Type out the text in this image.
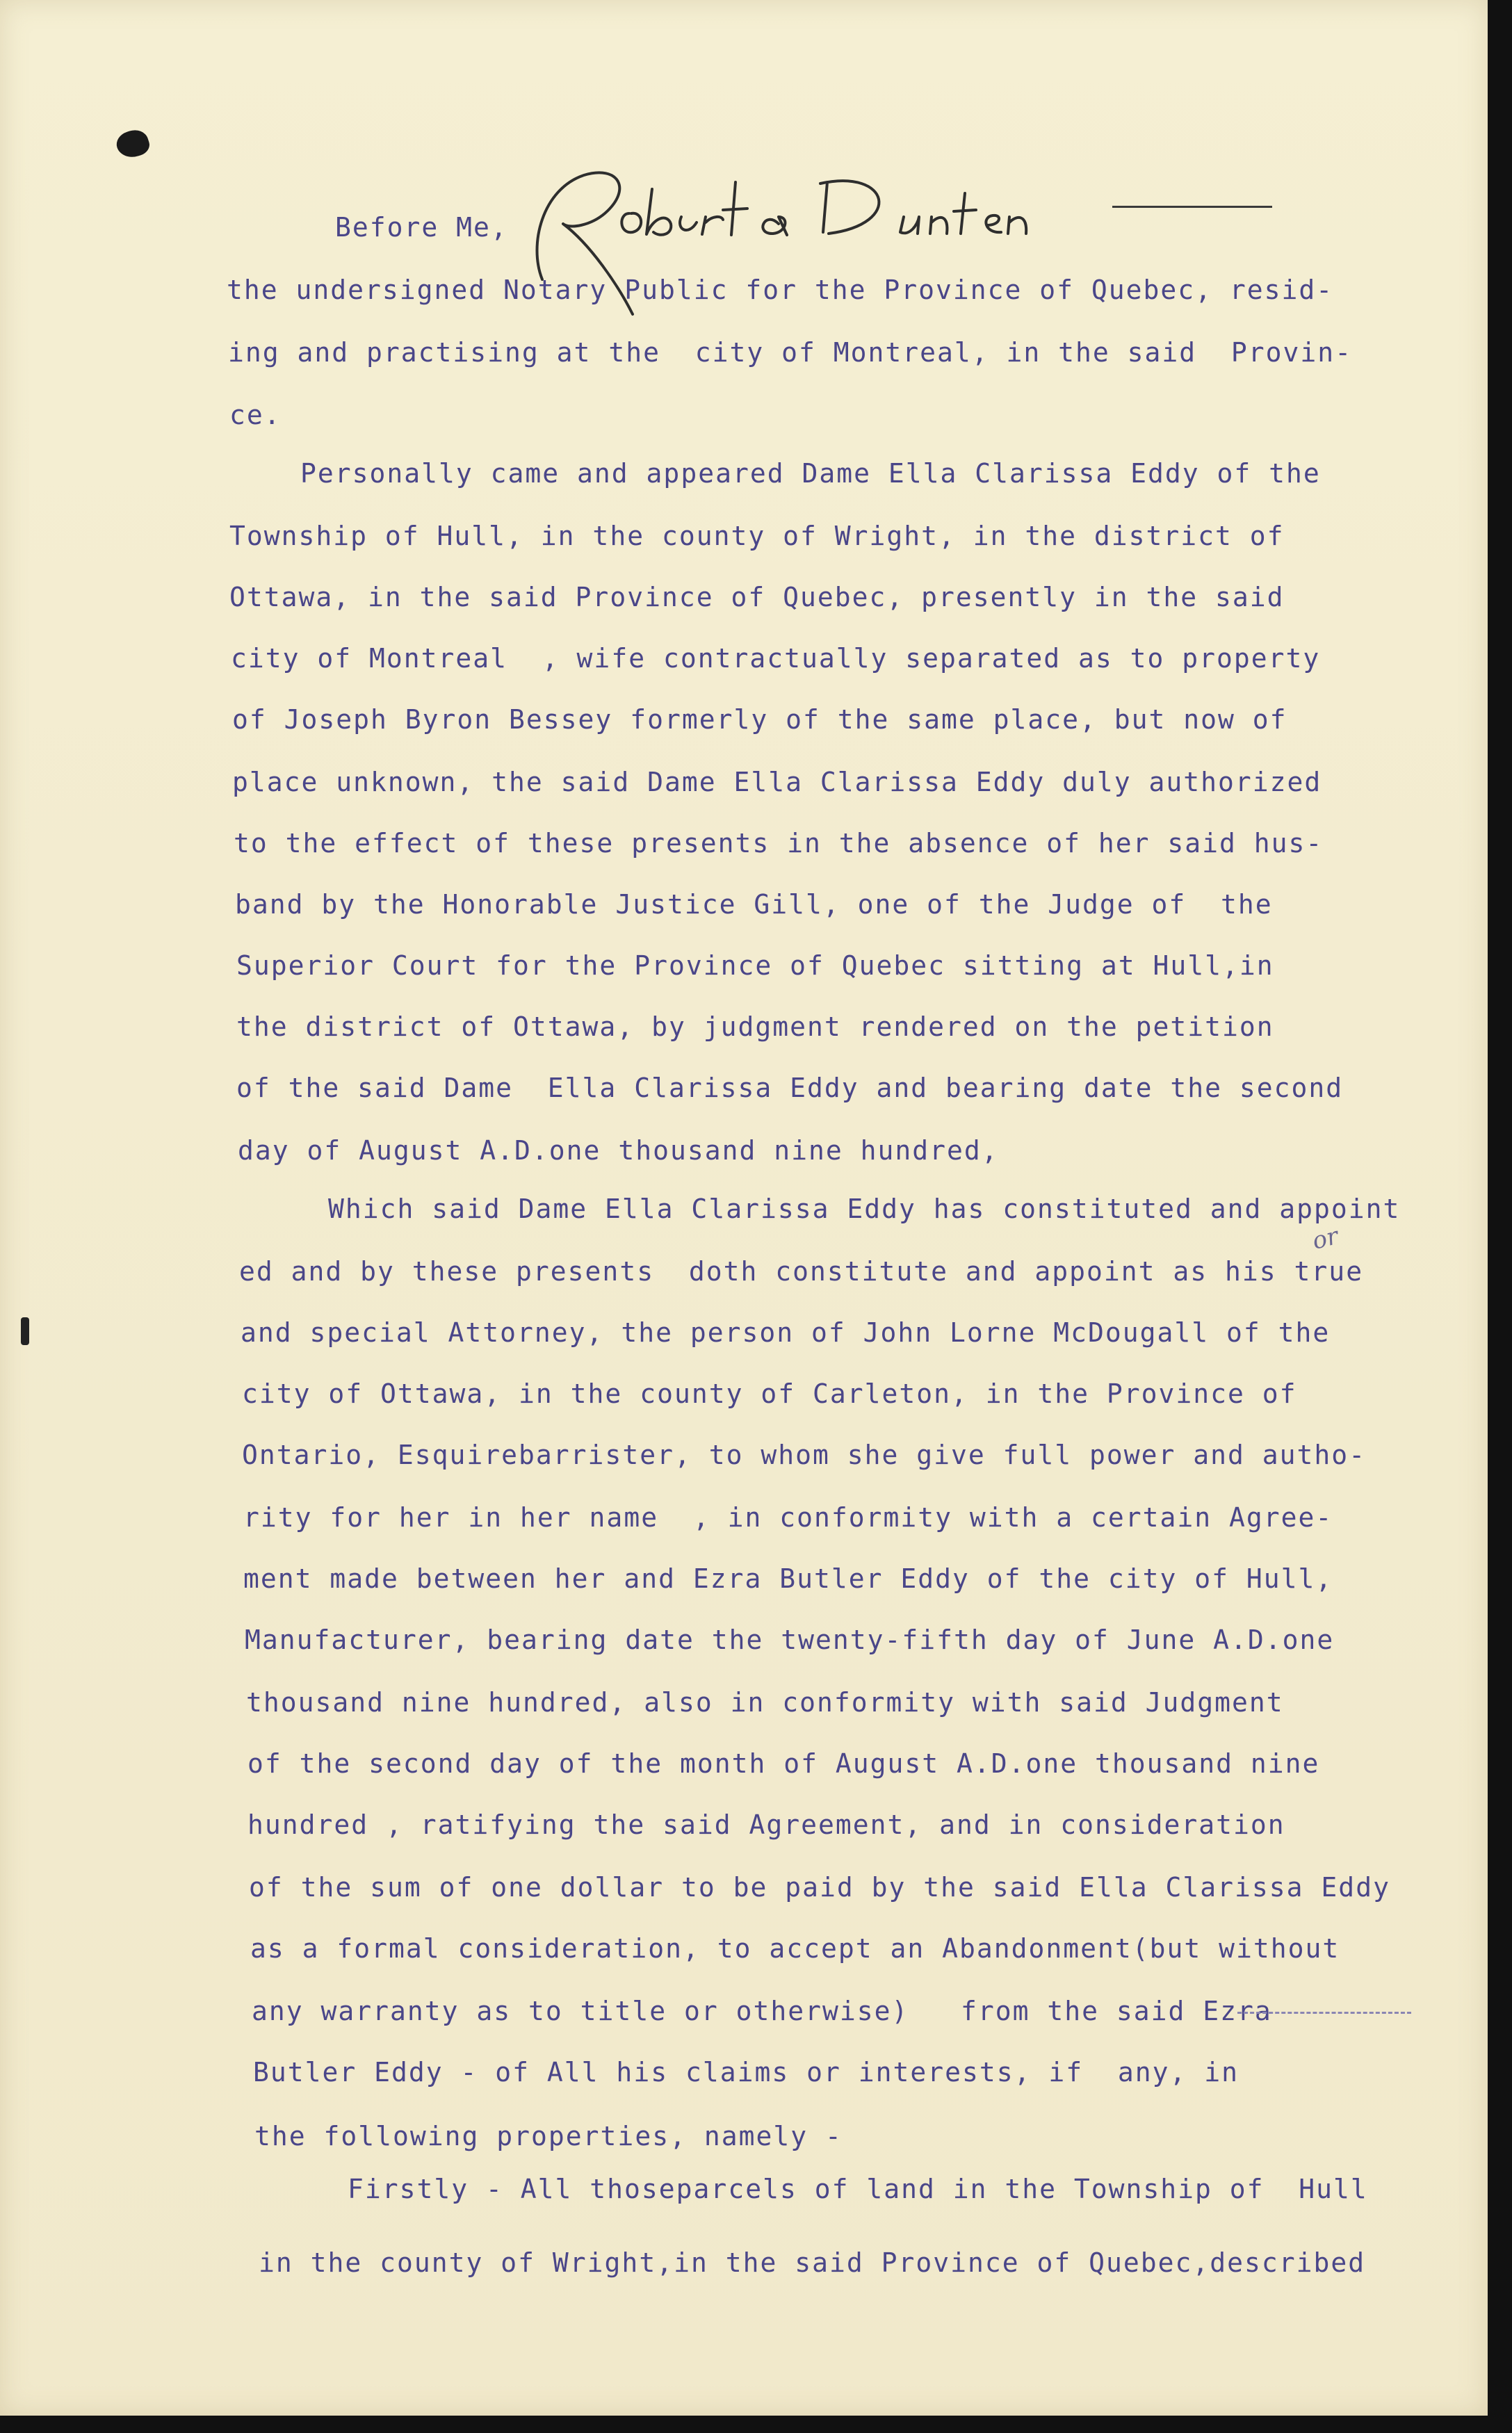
Before Me,
the undersigned Notary Public for the Province of Quebec, resid-
ing and practising at the  city of Montreal, in the said  Provin-
ce.
Personally came and appeared Dame Ella Clarissa Eddy of the
Township of Hull, in the county of Wright, in the district of
Ottawa, in the said Province of Quebec, presently in the said
city of Montreal  , wife contractually separated as to property
of Joseph Byron Bessey formerly of the same place, but now of
place unknown, the said Dame Ella Clarissa Eddy duly authorized
to the effect of these presents in the absence of her said hus-
band by the Honorable Justice Gill, one of the Judge of  the
Superior Court for the Province of Quebec sitting at Hull,in
the district of Ottawa, by judgment rendered on the petition
of the said Dame  Ella Clarissa Eddy and bearing date the second
day of August A.D.one thousand nine hundred,
Which said Dame Ella Clarissa Eddy has constituted and appoint
ed and by these presents  doth constitute and appoint as his true
and special Attorney, the person of John Lorne McDougall of the
city of Ottawa, in the county of Carleton, in the Province of
Ontario, Esquirebarrister, to whom she give full power and autho-
rity for her in her name  , in conformity with a certain Agree-
ment made between her and Ezra Butler Eddy of the city of Hull,
Manufacturer, bearing date the twenty-fifth day of June A.D.one
thousand nine hundred, also in conformity with said Judgment
of the second day of the month of August A.D.one thousand nine
hundred , ratifying the said Agreement, and in consideration
of the sum of one dollar to be paid by the said Ella Clarissa Eddy
as a formal consideration, to accept an Abandonment(but without
any warranty as to title or otherwise)   from the said Ezra
Butler Eddy - of All his claims or interests, if  any, in
the following properties, namely -
Firstly - All thoseparcels of land in the Township of  Hull
in the county of Wright,in the said Province of Quebec,described
or
